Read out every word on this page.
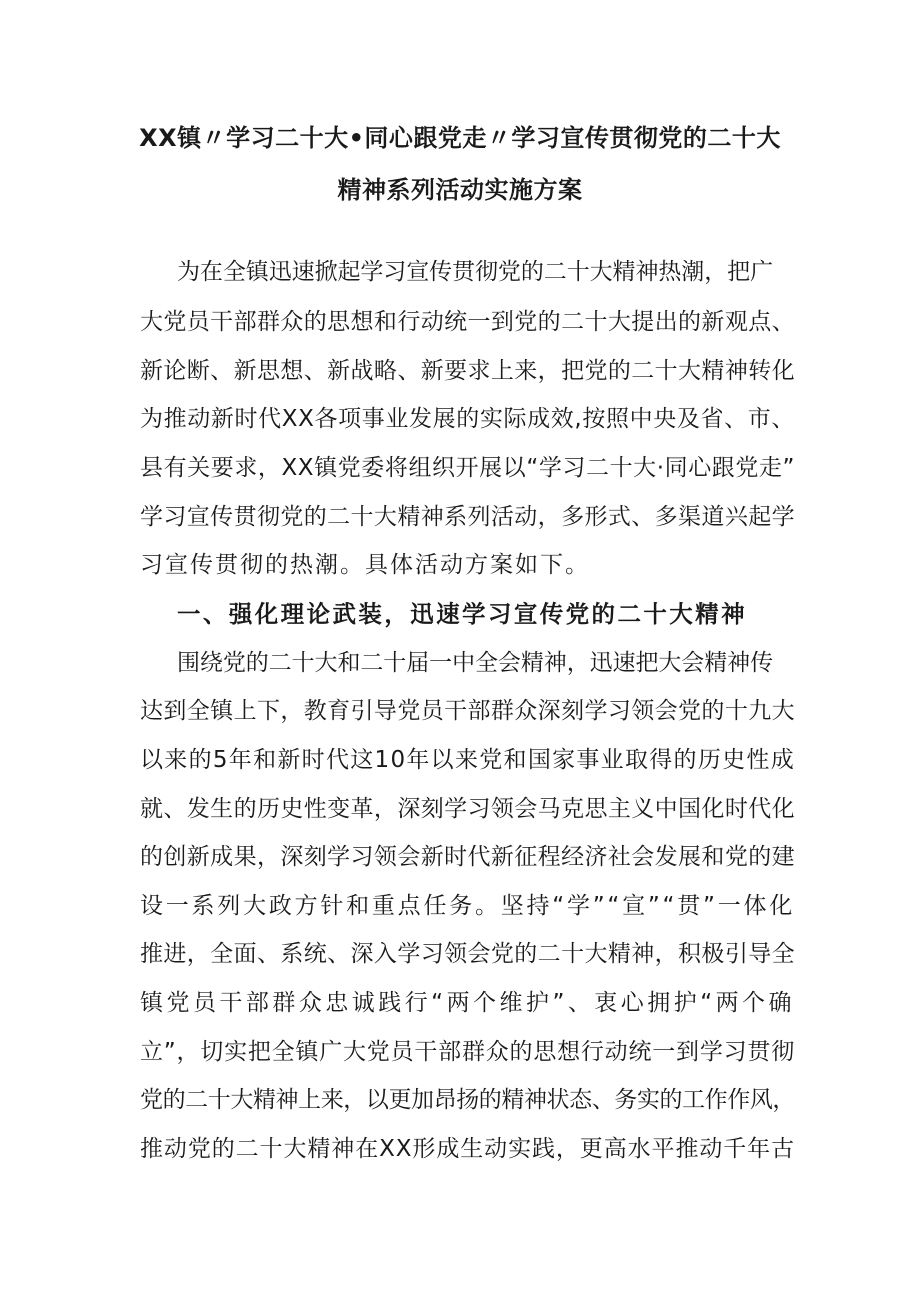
XX镇〃学习二十大•同心跟党走〃学习宣传贯彻党的二十大
精神系列活动实施方案
为在全镇迅速掀起学习宣传贯彻党的二十大精神热潮，把广
大党员干部群众的思想和行动统一到党的二十大提出的新观点、
新论断、新思想、新战略、新要求上来，把党的二十大精神转化
为推动新时代XX各项事业发展的实际成效,按照中央及省、市、
县有关要求，XX镇党委将组织开展以“学习二十大·同心跟党走”
学习宣传贯彻党的二十大精神系列活动，多形式、多渠道兴起学
习宣传贯彻的热潮。具体活动方案如下。
一、强化理论武装，迅速学习宣传党的二十大精神
围绕党的二十大和二十届一中全会精神，迅速把大会精神传
达到全镇上下，教育引导党员干部群众深刻学习领会党的十九大
以来的5年和新时代这10年以来党和国家事业取得的历史性成
就、发生的历史性变革，深刻学习领会马克思主义中国化时代化
的创新成果，深刻学习领会新时代新征程经济社会发展和党的建
设一系列大政方针和重点任务。坚持“学”“宣”“贯”一体化
推进，全面、系统、深入学习领会党的二十大精神，积极引导全
镇党员干部群众忠诚践行“两个维护”、衷心拥护“两个确
立”，切实把全镇广大党员干部群众的思想行动统一到学习贯彻
党的二十大精神上来，以更加昂扬的精神状态、务实的工作作风，
推动党的二十大精神在XX形成生动实践，更高水平推动千年古
